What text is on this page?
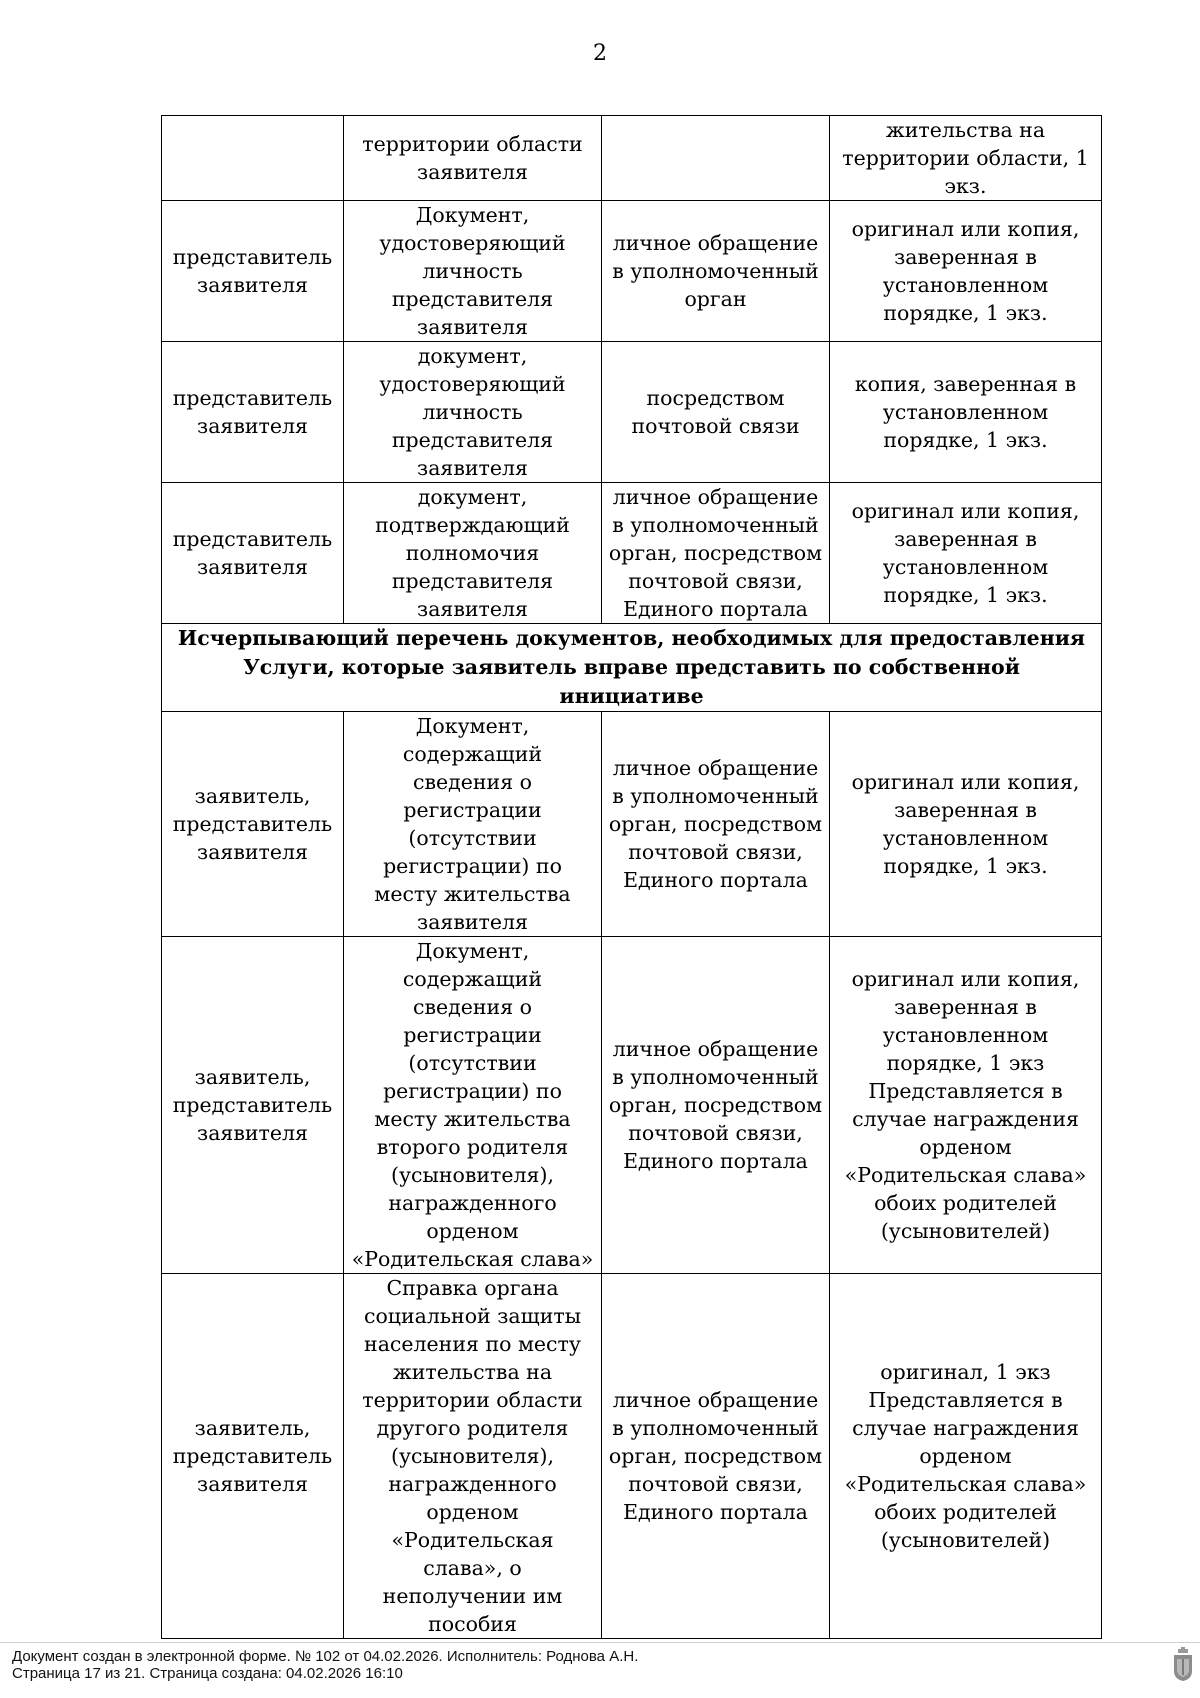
2

	территории области заявителя		жительства на территории области, 1 экз.

представитель заявителя	Документ, удостоверяющий личность представителя заявителя	личное обращение в уполномоченный орган	оригинал или копия, заверенная в установленном порядке, 1 экз.

представитель заявителя	документ, удостоверяющий личность представителя заявителя	посредством почтовой связи	копия, заверенная в установленном порядке, 1 экз.

представитель заявителя	документ, подтверждающий полномочия представителя заявителя	личное обращение в уполномоченный орган, посредством почтовой связи, Единого портала	оригинал или копия, заверенная в установленном порядке, 1 экз.

Исчерпывающий перечень документов, необходимых для предоставления Услуги, которые заявитель вправе представить по собственной инициативе			

заявитель, представитель заявителя	Документ, содержащий сведения о регистрации (отсутствии регистрации) по месту жительства заявителя	личное обращение в уполномоченный орган, посредством почтовой связи, Единого портала	оригинал или копия, заверенная в установленном порядке, 1 экз.

заявитель, представитель заявителя	Документ, содержащий сведения о регистрации (отсутствии регистрации) по месту жительства второго родителя (усыновителя), награжденного орденом «Родительская слава»	личное обращение в уполномоченный орган, посредством почтовой связи, Единого портала	оригинал или копия, заверенная в установленном порядке, 1 экз
Представляется в случае награждения орденом «Родительская слава» обоих родителей (усыновителей)

заявитель, представитель заявителя	Справка органа социальной защиты населения по месту жительства на территории области другого родителя (усыновителя), награжденного орденом «Родительская слава», о неполучении им пособия	личное обращение в уполномоченный орган, посредством почтовой связи, Единого портала	оригинал, 1 экз
Представляется в случае награждения орденом «Родительская слава» обоих родителей (усыновителей)
Документ создан в электронной форме. № 102 от 04.02.2026. Исполнитель: Роднова А.Н.
Страница 17 из 21. Страница создана: 04.02.2026 16:10
